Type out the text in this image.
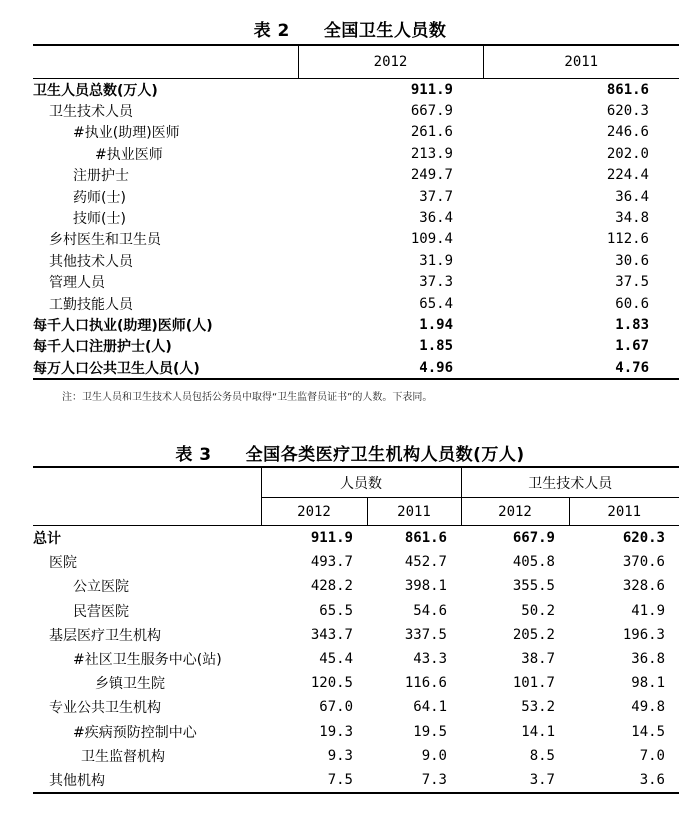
表 2 全国卫生人员数
	2012	2011
卫生人员总数(万人)	911.9	861.6
卫生技术人员	667.9	620.3
#执业(助理)医师	261.6	246.6
#执业医师	213.9	202.0
注册护士	249.7	224.4
药师(士)	37.7	36.4
技师(士)	36.4	34.8
乡村医生和卫生员	109.4	112.6
其他技术人员	31.9	30.6
管理人员	37.3	37.5
工勤技能人员	65.4	60.6
每千人口执业(助理)医师(人)	1.94	1.83
每千人口注册护士(人)	1.85	1.67
每万人口公共卫生人员(人)	4.96	4.76
注：卫生人员和卫生技术人员包括公务员中取得“卫生监督员证书”的人数。下表同。
表 3 全国各类医疗卫生机构人员数(万人)
	人员数		卫生技术人员	
	2012	2011	2012	2011
总计	911.9	861.6	667.9	620.3
医院	493.7	452.7	405.8	370.6
公立医院	428.2	398.1	355.5	328.6
民营医院	65.5	54.6	50.2	41.9
基层医疗卫生机构	343.7	337.5	205.2	196.3
#社区卫生服务中心(站)	45.4	43.3	38.7	36.8
乡镇卫生院	120.5	116.6	101.7	98.1
专业公共卫生机构	67.0	64.1	53.2	49.8
#疾病预防控制中心	19.3	19.5	14.1	14.5
卫生监督机构	9.3	9.0	8.5	7.0
其他机构	7.5	7.3	3.7	3.6
